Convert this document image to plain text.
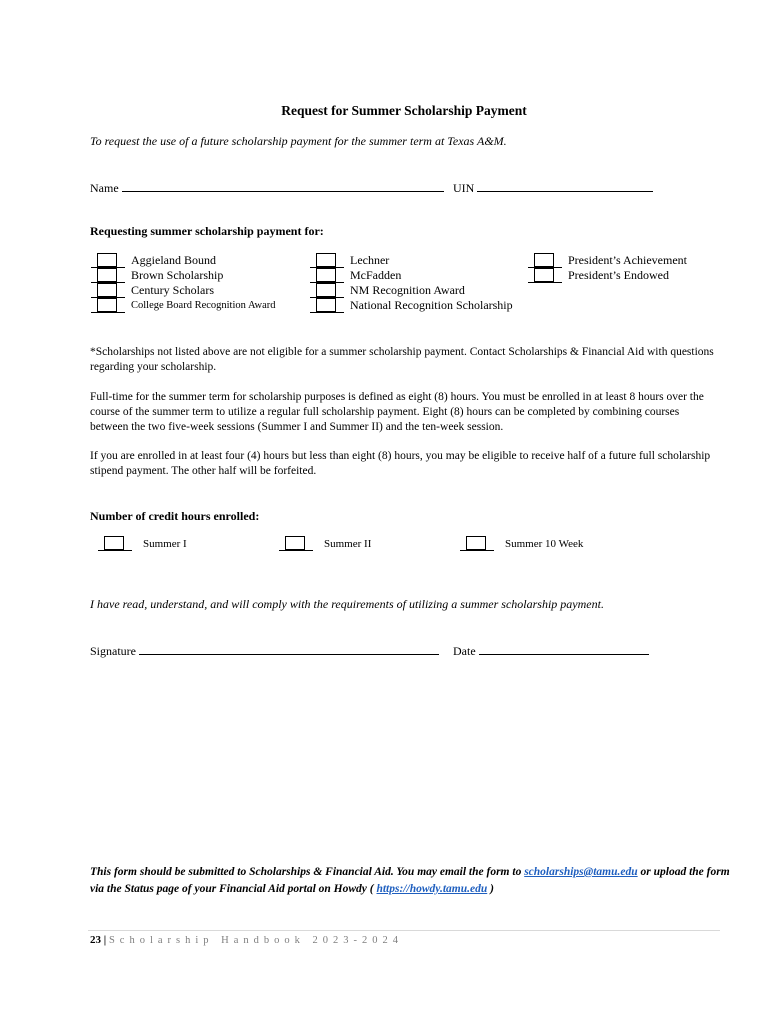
Request for Summer Scholarship Payment
To request the use of a future scholarship payment for the summer term at Texas A&M.
Name	UIN
Requesting summer scholarship payment for:
Aggieland Bound
Brown Scholarship
Century Scholars
College Board Recognition Award
Lechner
McFadden
NM Recognition Award
National Recognition Scholarship
President’s Achievement
President’s Endowed
*Scholarships not listed above are not eligible for a summer scholarship payment. Contact Scholarships & Financial Aid with questions regarding your scholarship.
Full-time for the summer term for scholarship purposes is defined as eight (8) hours. You must be enrolled in at least 8 hours over the course of the summer term to utilize a regular full scholarship payment. Eight (8) hours can be completed by combining courses between the two five-week sessions (Summer I and Summer II) and the ten-week session.
If you are enrolled in at least four (4) hours but less than eight (8) hours, you may be eligible to receive half of a future full scholarship stipend payment. The other half will be forfeited.
Number of credit hours enrolled:
Summer I	Summer II	Summer 10 Week
I have read, understand, and will comply with the requirements of utilizing a summer scholarship payment.
Signature	Date
This form should be submitted to Scholarships & Financial Aid. You may email the form to scholarships@tamu.edu or upload the form via the Status page of your Financial Aid portal on Howdy ( https://howdy.tamu.edu )
23 | Scholarship Handbook 2023-2024
